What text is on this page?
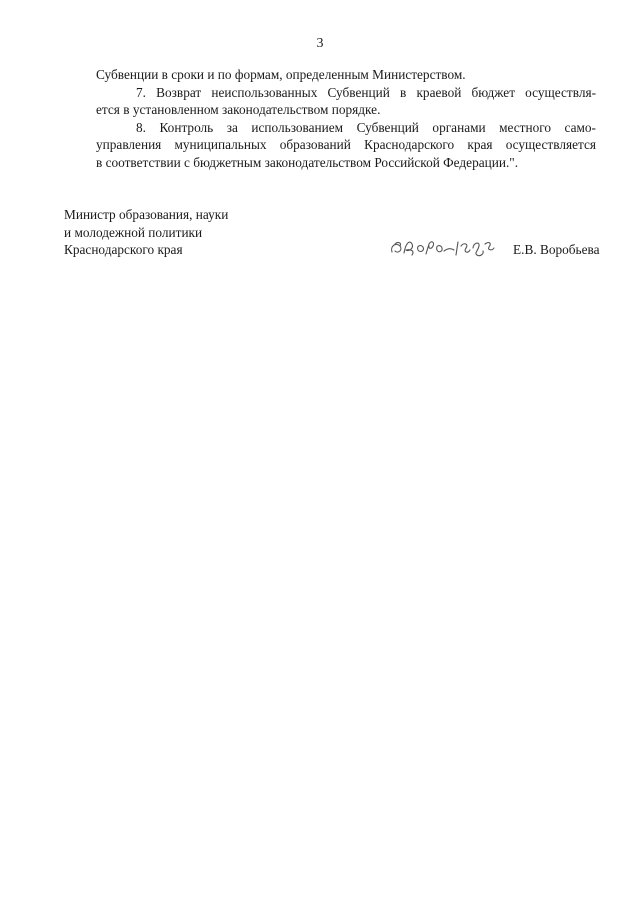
3
Субвенции в сроки и по формам, определенным Министерством.
7. Возврат неиспользованных Субвенций в краевой бюджет осуществля-
ется в установленном законодательством порядке.
8. Контроль за использованием Субвенций органами местного само-
управления муниципальных образований Краснодарского края осуществляется
в соответствии с бюджетным законодательством Российской Федерации.".
Министр образования, науки
и молодежной политики
Краснодарского края	Е.В. Воробьева
